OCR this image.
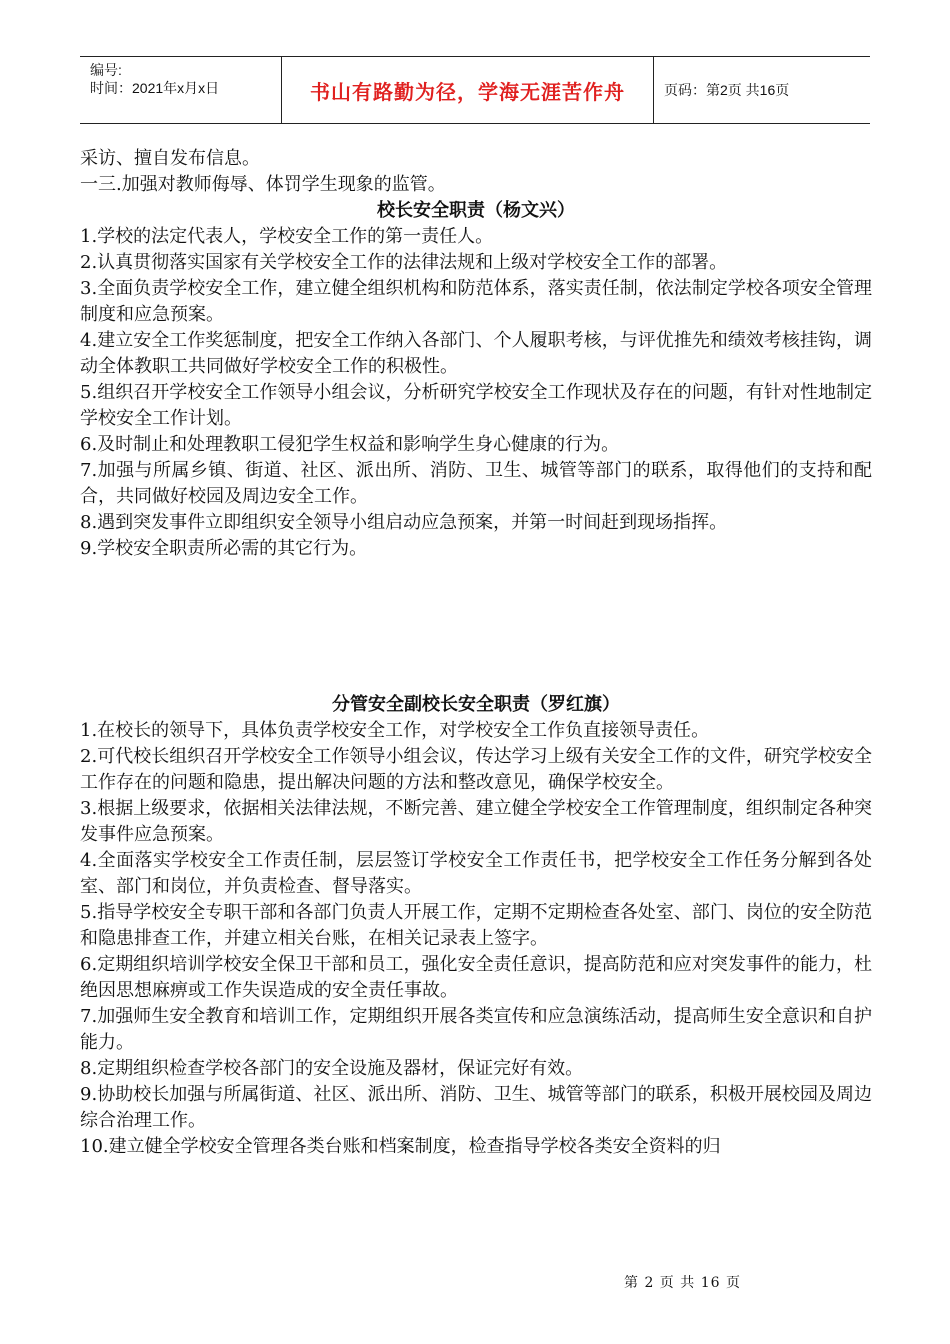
编号:
时间：2021年x月x日	书山有路勤为径，学海无涯苦作舟	页码：第2页 共16页

采访、擅自发布信息。

一三.加强对教师侮辱、体罚学生现象的监管。

校长安全职责（杨文兴）

1.学校的法定代表人，学校安全工作的第一责任人。

2.认真贯彻落实国家有关学校安全工作的法律法规和上级对学校安全工作的部署。

3.全面负责学校安全工作，建立健全组织机构和防范体系，落实责任制，依法制定学校各项安全管理制度和应急预案。

4.建立安全工作奖惩制度，把安全工作纳入各部门、个人履职考核，与评优推先和绩效考核挂钩，调动全体教职工共同做好学校安全工作的积极性。

5.组织召开学校安全工作领导小组会议，分析研究学校安全工作现状及存在的问题，有针对性地制定学校安全工作计划。

6.及时制止和处理教职工侵犯学生权益和影响学生身心健康的行为。

7.加强与所属乡镇、街道、社区、派出所、消防、卫生、城管等部门的联系，取得他们的支持和配合，共同做好校园及周边安全工作。

8.遇到突发事件立即组织安全领导小组启动应急预案，并第一时间赶到现场指挥。

9.学校安全职责所必需的其它行为。

分管安全副校长安全职责（罗红旗）

1.在校长的领导下，具体负责学校安全工作，对学校安全工作负直接领导责任。

2.可代校长组织召开学校安全工作领导小组会议，传达学习上级有关安全工作的文件，研究学校安全工作存在的问题和隐患，提出解决问题的方法和整改意见，确保学校安全。

3.根据上级要求，依据相关法律法规，不断完善、建立健全学校安全工作管理制度，组织制定各种突发事件应急预案。

4.全面落实学校安全工作责任制，层层签订学校安全工作责任书，把学校安全工作任务分解到各处室、部门和岗位，并负责检查、督导落实。

5.指导学校安全专职干部和各部门负责人开展工作，定期不定期检查各处室、部门、岗位的安全防范和隐患排查工作，并建立相关台账，在相关记录表上签字。

6.定期组织培训学校安全保卫干部和员工，强化安全责任意识，提高防范和应对突发事件的能力，杜绝因思想麻痹或工作失误造成的安全责任事故。

7.加强师生安全教育和培训工作，定期组织开展各类宣传和应急演练活动，提高师生安全意识和自护能力。

8.定期组织检查学校各部门的安全设施及器材，保证完好有效。

9.协助校长加强与所属街道、社区、派出所、消防、卫生、城管等部门的联系，积极开展校园及周边综合治理工作。

10.建立健全学校安全管理各类台账和档案制度，检查指导学校各类安全资料的归

第 2 页 共 16 页
